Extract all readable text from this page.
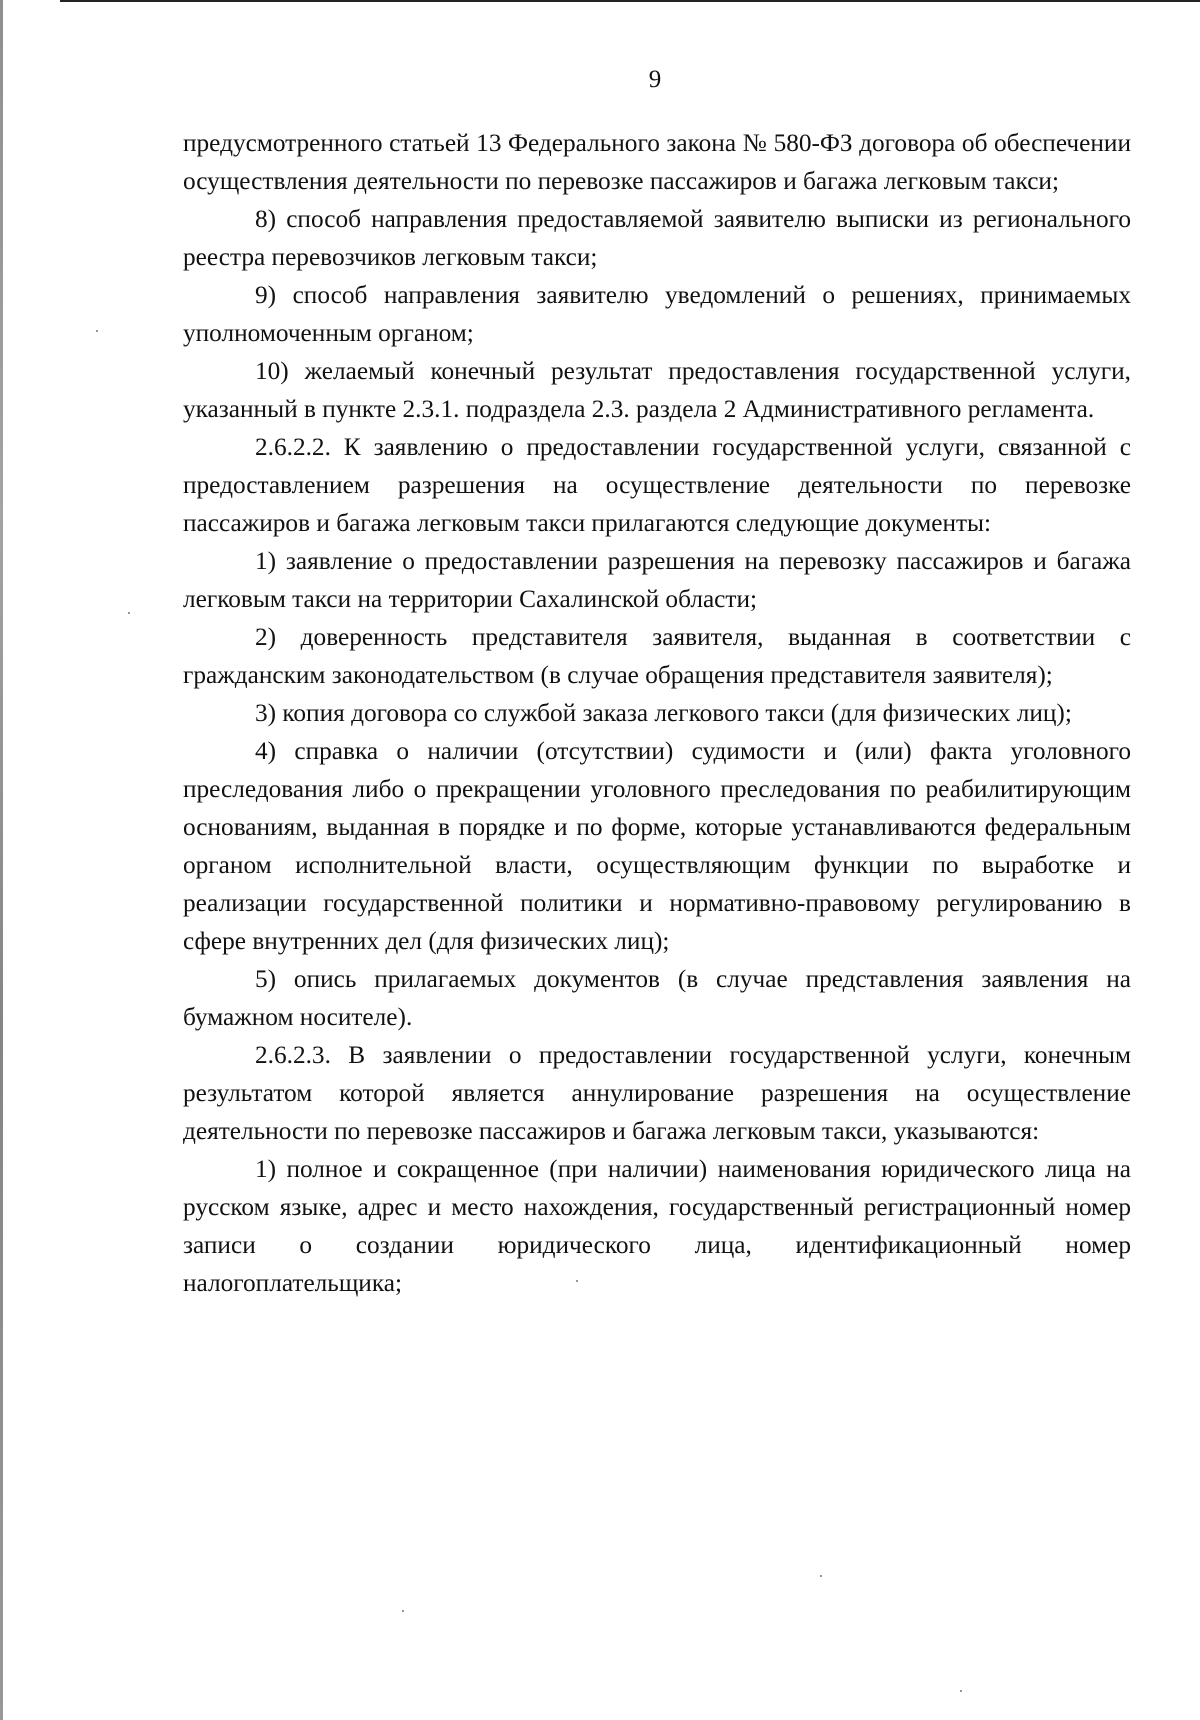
9

предусмотренного статьей 13 Федерального закона № 580-ФЗ договора об обеспечении осуществления деятельности по перевозке пассажиров и багажа легковым такси;

8) способ направления предоставляемой заявителю выписки из регионального реестра перевозчиков легковым такси;

9) способ направления заявителю уведомлений о решениях, принимаемых уполномоченным органом;

10) желаемый конечный результат предоставления государственной услуги, указанный в пункте 2.3.1. подраздела 2.3. раздела 2 Административного регламента.

2.6.2.2. К заявлению о предоставлении государственной услуги, связанной с предоставлением разрешения на осуществление деятельности по перевозке пассажиров и багажа легковым такси прилагаются следующие документы:

1) заявление о предоставлении разрешения на перевозку пассажиров и багажа легковым такси на территории Сахалинской области;

2) доверенность представителя заявителя, выданная в соответствии с гражданским законодательством (в случае обращения представителя заявителя);

3) копия договора со службой заказа легкового такси (для физических лиц);

4) справка о наличии (отсутствии) судимости и (или) факта уголовного преследования либо о прекращении уголовного преследования по реабилитирующим основаниям, выданная в порядке и по форме, которые устанавливаются федеральным органом исполнительной власти, осуществляющим функции по выработке и реализации государственной политики и нормативно-правовому регулированию в сфере внутренних дел (для физических лиц);

5) опись прилагаемых документов (в случае представления заявления на бумажном носителе).

2.6.2.3. В заявлении о предоставлении государственной услуги, конечным результатом которой является аннулирование разрешения на осуществление деятельности по перевозке пассажиров и багажа легковым такси, указываются:

1) полное и сокращенное (при наличии) наименования юридического лица на русском языке, адрес и место нахождения, государственный регистрационный номер записи о создании юридического лица, идентификационный номер налогоплательщика;
